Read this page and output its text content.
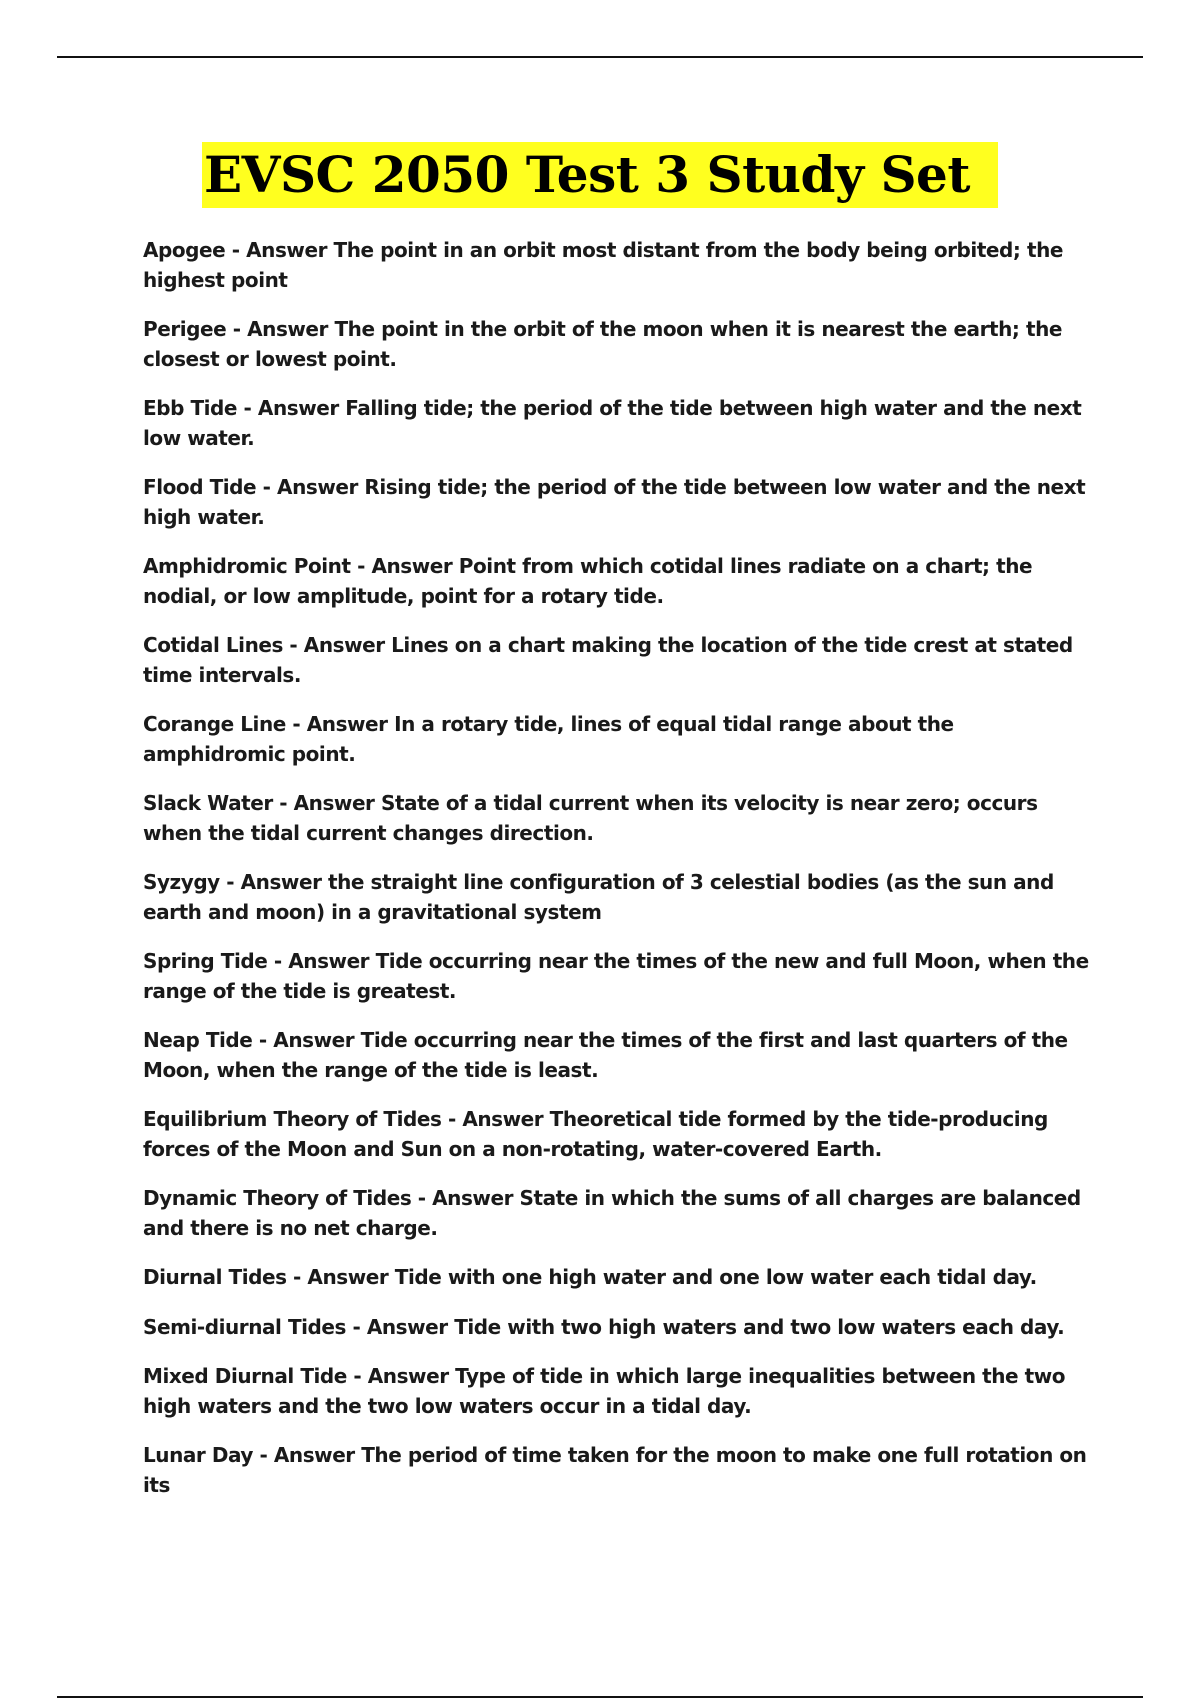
EVSC 2050 Test 3 Study Set

Apogee - Answer The point in an orbit most distant from the body being orbited; the highest point

Perigee - Answer The point in the orbit of the moon when it is nearest the earth; the closest or lowest point.

Ebb Tide - Answer Falling tide; the period of the tide between high water and the next low water.

Flood Tide - Answer Rising tide; the period of the tide between low water and the next high water.

Amphidromic Point - Answer Point from which cotidal lines radiate on a chart; the nodial, or low amplitude, point for a rotary tide.

Cotidal Lines - Answer Lines on a chart making the location of the tide crest at stated time intervals.

Corange Line - Answer In a rotary tide, lines of equal tidal range about the amphidromic point.

Slack Water - Answer State of a tidal current when its velocity is near zero; occurs when the tidal current changes direction.

Syzygy - Answer the straight line configuration of 3 celestial bodies (as the sun and earth and moon) in a gravitational system

Spring Tide - Answer Tide occurring near the times of the new and full Moon, when the range of the tide is greatest.

Neap Tide - Answer Tide occurring near the times of the first and last quarters of the Moon, when the range of the tide is least.

Equilibrium Theory of Tides - Answer Theoretical tide formed by the tide-producing forces of the Moon and Sun on a non-rotating, water-covered Earth.

Dynamic Theory of Tides - Answer State in which the sums of all charges are balanced and there is no net charge.

Diurnal Tides - Answer Tide with one high water and one low water each tidal day.

Semi-diurnal Tides - Answer Tide with two high waters and two low waters each day.

Mixed Diurnal Tide - Answer Type of tide in which large inequalities between the two high waters and the two low waters occur in a tidal day.

Lunar Day - Answer The period of time taken for the moon to make one full rotation on its
